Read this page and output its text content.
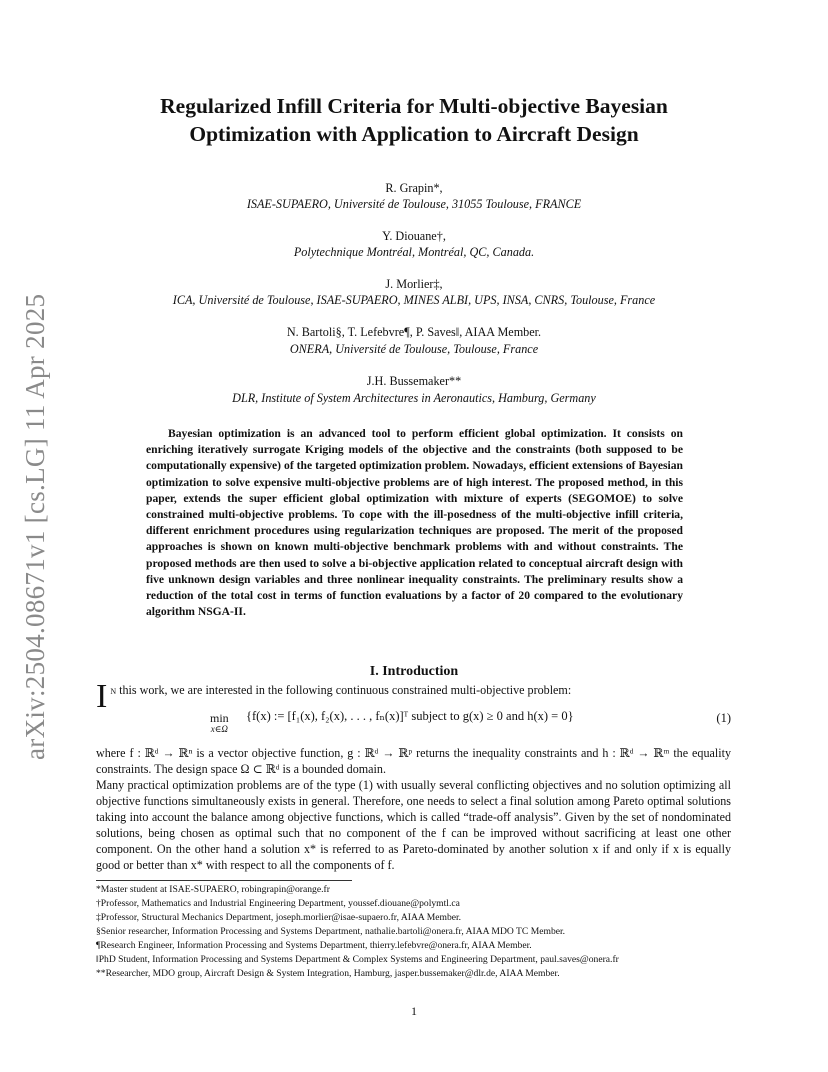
arXiv:2504.08671v1 [cs.LG] 11 Apr 2025
Regularized Infill Criteria for Multi-objective Bayesian
Optimization with Application to Aircraft Design
R. Grapin*,
ISAE-SUPAERO, Université de Toulouse, 31055 Toulouse, FRANCE
Y. Diouane†,
Polytechnique Montréal, Montréal, QC, Canada.
J. Morlier‡,
ICA, Université de Toulouse, ISAE-SUPAERO, MINES ALBI, UPS, INSA, CNRS, Toulouse, France
N. Bartoli§, T. Lefebvre¶, P. Saves‖, AIAA Member.
ONERA, Université de Toulouse, Toulouse, France
J.H. Bussemaker**
DLR, Institute of System Architectures in Aeronautics, Hamburg, Germany

Bayesian optimization is an advanced tool to perform efficient global optimization. It consists on enriching iteratively surrogate Kriging models of the objective and the constraints (both supposed to be computationally expensive) of the targeted optimization problem. Nowadays, efficient extensions of Bayesian optimization to solve expensive multi-objective problems are of high interest. The proposed method, in this paper, extends the super efficient global optimization with mixture of experts (SEGOMOE) to solve constrained multi-objective problems. To cope with the ill-posedness of the multi-objective infill criteria, different enrichment procedures using regularization techniques are proposed. The merit of the proposed approaches is shown on known multi-objective benchmark problems with and without constraints. The proposed methods are then used to solve a bi-objective application related to conceptual aircraft design with five unknown design variables and three nonlinear inequality constraints. The preliminary results show a reduction of the total cost in terms of function evaluations by a factor of 20 compared to the evolutionary algorithm NSGA-II.

I. Introduction

In this work, we are interested in the following continuous constrained multi-objective problem:

min
x∈Ω
{f(x) := [f₁(x), f₂(x), . . . , fₙ(x)]ᵀ subject to g(x) ≥ 0 and h(x) = 0}	(1)

where f : ℝᵈ → ℝⁿ is a vector objective function, g : ℝᵈ → ℝᵖ returns the inequality constraints and h : ℝᵈ → ℝᵐ the equality constraints. The design space Ω ⊂ ℝᵈ is a bounded domain.

Many practical optimization problems are of the type (1) with usually several conflicting objectives and no solution optimizing all objective functions simultaneously exists in general. Therefore, one needs to select a final solution among Pareto optimal solutions taking into account the balance among objective functions, which is called “trade-off analysis”. Given by the set of nondominated solutions, being chosen as optimal such that no component of the f can be improved without sacrificing at least one other component. On the other hand a solution x* is referred to as Pareto-dominated by another solution x if and only if x is equally good or better than x* with respect to all the components of f.

*Master student at ISAE-SUPAERO, robingrapin@orange.fr
†Professor, Mathematics and Industrial Engineering Department, youssef.diouane@polymtl.ca
‡Professor, Structural Mechanics Department, joseph.morlier@isae-supaero.fr, AIAA Member.
§Senior researcher, Information Processing and Systems Department, nathalie.bartoli@onera.fr, AIAA MDO TC Member.
¶Research Engineer, Information Processing and Systems Department, thierry.lefebvre@onera.fr, AIAA Member.
‖PhD Student, Information Processing and Systems Department & Complex Systems and Engineering Department, paul.saves@onera.fr
**Researcher, MDO group, Aircraft Design & System Integration, Hamburg, jasper.bussemaker@dlr.de, AIAA Member.
1
